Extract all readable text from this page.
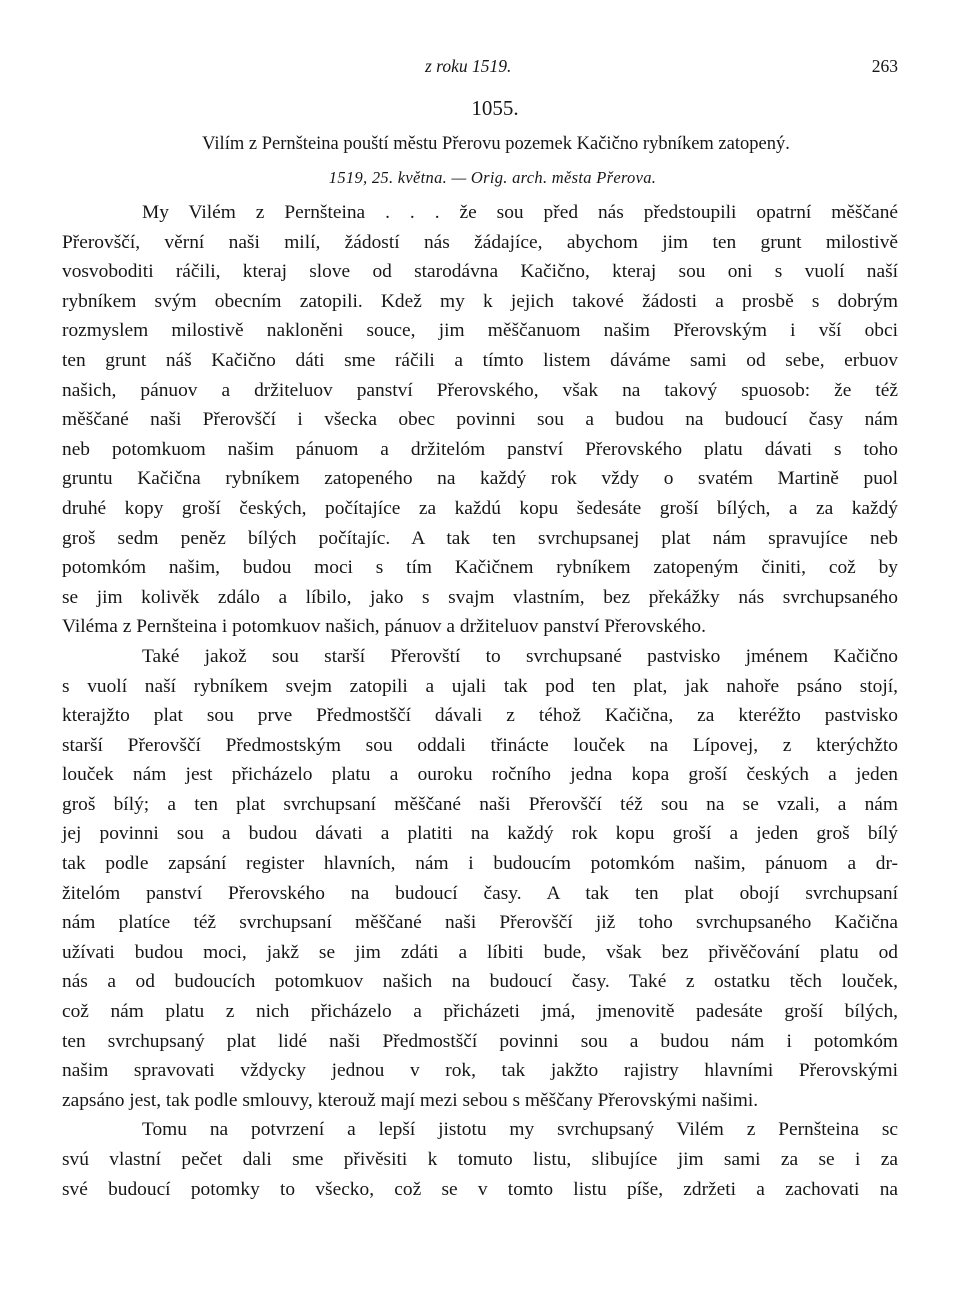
z roku 1519.	263
1055.
Vilím z Pernšteina pouští městu Přerovu pozemek Kačičnо rybníkem zatopený.
1519, 25. května. — Orig. arch. města Přerova.

My Vilém z Pernšteina . . . že sou před nás předstoupili opatrní měščané
Přerovščí, věrní naši milí, žádostí nás žádajíce, abychom jim ten grunt milostivě
vosvoboditi ráčili, kteraj slove od starodávna Kačično, kteraj sou oni s vuolí naší
rybníkem svým obecním zatopili. Kdež my k jejich takové žádosti a prosbě s dobrým
rozmyslem milostivě nakloněni souce, jim měščanuom našim Přerovským i vší obci
ten grunt náš Kačično dáti sme ráčili a tímto listem dáváme sami od sebe, erbuov
našich, pánuov a držiteluov panství Přerovského, však na takový spuosob: že též
měščané naši Přerovščí i všecka obec povinni sou a budou na budoucí časy nám
neb potomkuom našim pánuom a držitelóm panství Přerovského platu dávati s toho
gruntu Kačična rybníkem zatopeného na každý rok vždy o svatém Martině puol
druhé kopy groší českých, počítajíce za každú kopu šedesáte groší bílých, a za každý
groš sedm peněz bílých počítajíc. A tak ten svrchupsanej plat nám spravujíce neb
potomkóm našim, budou moci s tím Kačičnem rybníkem zatopeným činiti, což by
se jim kolivěk zdálo a líbilo, jako s svajm vlastním, bez překážky nás svrchupsaného
Viléma z Pernšteina i potomkuov našich, pánuov a držiteluov panství Přerovského.

Také jakož sou starší Přerovští to svrchupsané pastvisko jménem Kačično
s vuolí naší rybníkem svejm zatopili a ujali tak pod ten plat, jak nahoře psáno stojí,
kterajžto plat sou prve Předmostščí dávali z téhož Kačična, za kteréžto pastvisko
starší Přerovščí Předmostským sou oddali třinácte louček na Lípovej, z kterýchžto
louček nám jest přicházelo platu a ouroku ročního jedna kopa groší českých a jeden
groš bílý; a ten plat svrchupsaní měščané naši Přerovščí též sou na se vzali, a nám
jej povinni sou a budou dávati a platiti na každý rok kopu groší a jeden groš bílý
tak podle zapsání register hlavních, nám i budoucím potomkóm našim, pánuom a dr-
žitelóm panství Přerovského na budoucí časy. A tak ten plat obojí svrchupsaní
nám platíce též svrchupsaní měščané naši Přerovščí již toho svrchupsaného Kačična
užívati budou moci, jakž se jim zdáti a líbiti bude, však bez přivěčování platu od
nás a od budoucích potomkuov našich na budoucí časy. Také z ostatku těch louček,
což nám platu z nich přicházelo a přicházeti jmá, jmenovitě padesáte groší bílých,
ten svrchupsaný plat lidé naši Předmostščí povinni sou a budou nám i potomkóm
našim spravovati vždycky jednou v rok, tak jakžto rajistry hlavními Přerovskými
zapsáno jest, tak podle smlouvy, kterouž mají mezi sebou s měščany Přerovskými našimi.

Tomu na potvrzení a lepší jistotu my svrchupsaný Vilém z Pernšteina sc
svú vlastní pečet dali sme přivěsiti k tomuto listu, slibujíce jim sami za se i za
své budoucí potomky to všecko, což se v tomto listu píše, zdržeti a zachovati na
